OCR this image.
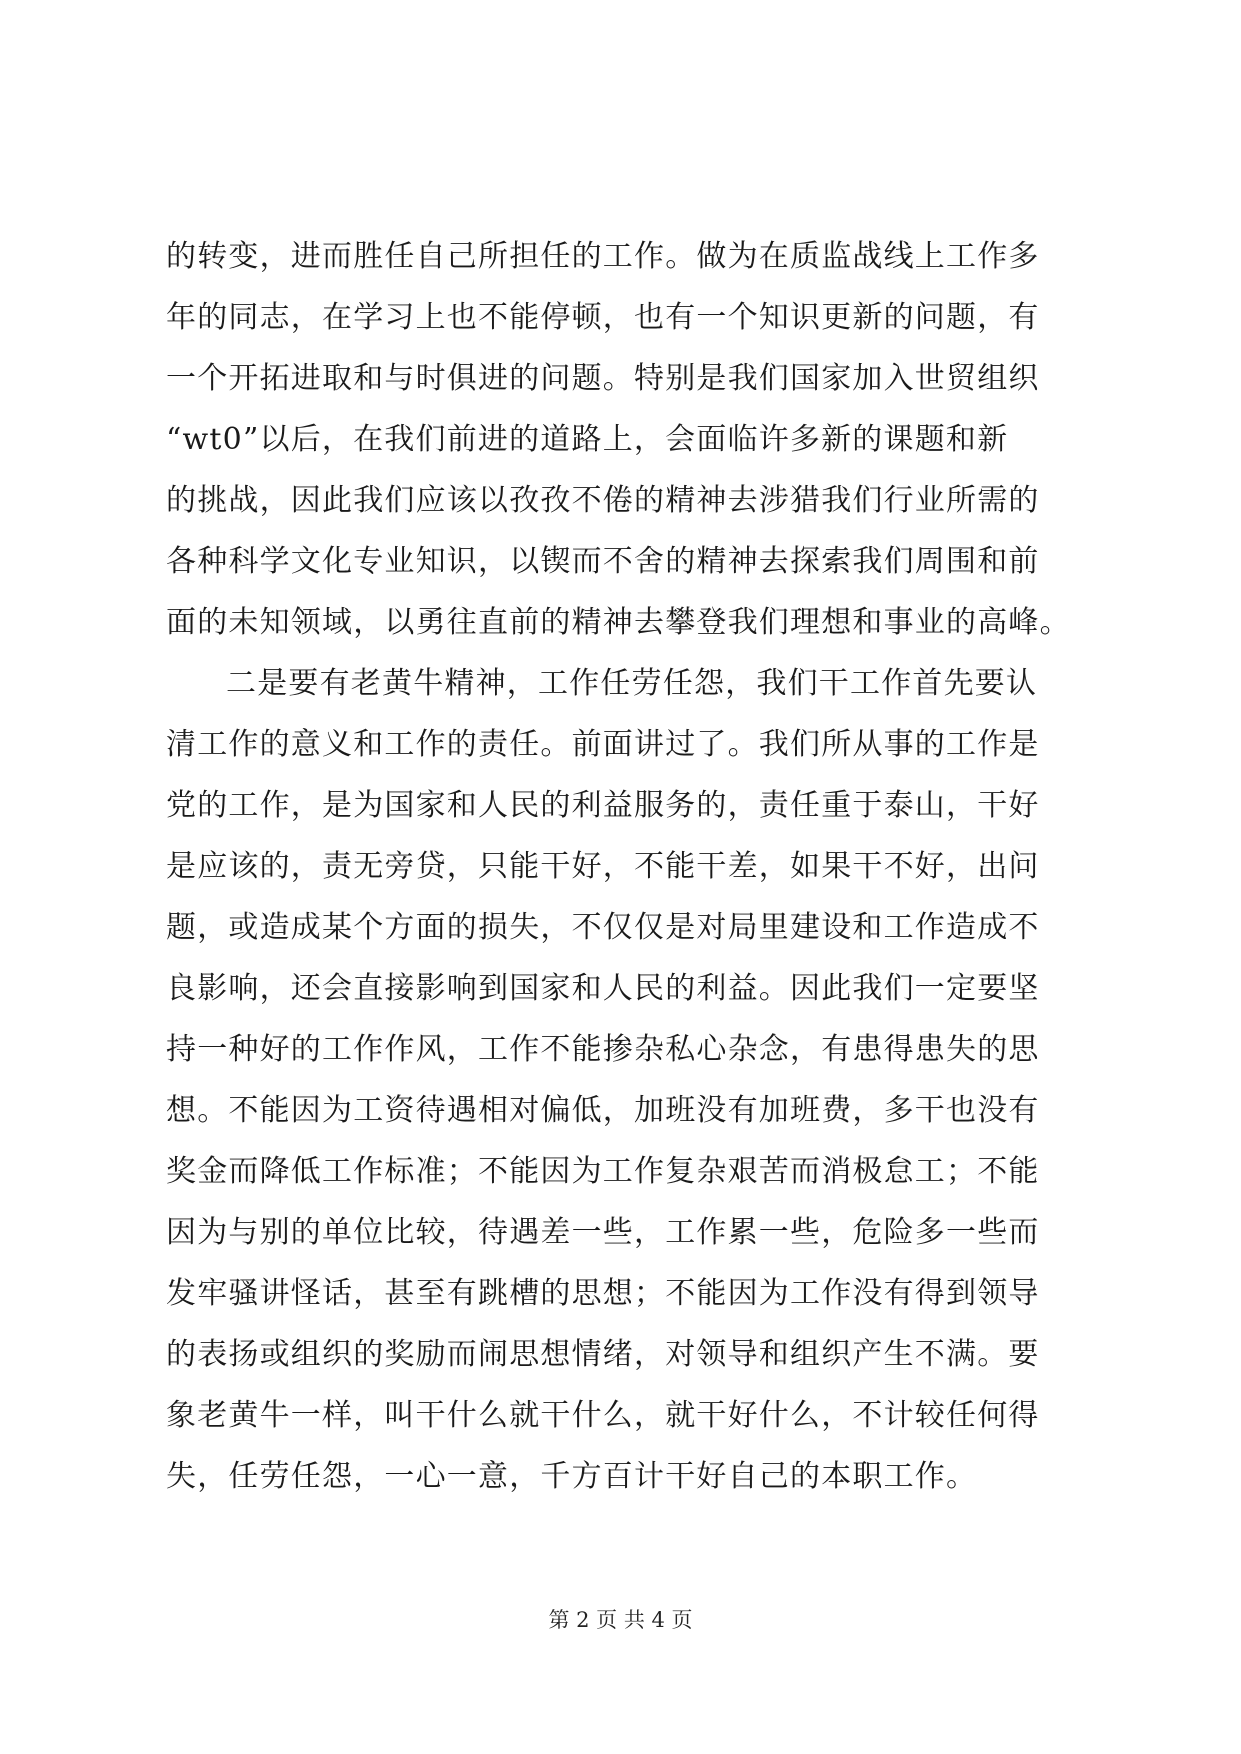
的转变，进而胜任自己所担任的工作。做为在质监战线上工作多
年的同志，在学习上也不能停顿，也有一个知识更新的问题，有
一个开拓进取和与时俱进的问题。特别是我们国家加入世贸组织
“wt0”以后，在我们前进的道路上，会面临许多新的课题和新
的挑战，因此我们应该以孜孜不倦的精神去涉猎我们行业所需的
各种科学文化专业知识，以锲而不舍的精神去探索我们周围和前
面的未知领域，以勇往直前的精神去攀登我们理想和事业的高峰。
二是要有老黄牛精神，工作任劳任怨，我们干工作首先要认
清工作的意义和工作的责任。前面讲过了。我们所从事的工作是
党的工作，是为国家和人民的利益服务的，责任重于泰山，干好
是应该的，责无旁贷，只能干好，不能干差，如果干不好，出问
题，或造成某个方面的损失，不仅仅是对局里建设和工作造成不
良影响，还会直接影响到国家和人民的利益。因此我们一定要坚
持一种好的工作作风，工作不能掺杂私心杂念，有患得患失的思
想。不能因为工资待遇相对偏低，加班没有加班费，多干也没有
奖金而降低工作标准；不能因为工作复杂艰苦而消极怠工；不能
因为与别的单位比较，待遇差一些，工作累一些，危险多一些而
发牢骚讲怪话，甚至有跳槽的思想；不能因为工作没有得到领导
的表扬或组织的奖励而闹思想情绪，对领导和组织产生不满。要
象老黄牛一样，叫干什么就干什么，就干好什么，不计较任何得
失，任劳任怨，一心一意，千方百计干好自己的本职工作。
第 2 页 共 4 页
